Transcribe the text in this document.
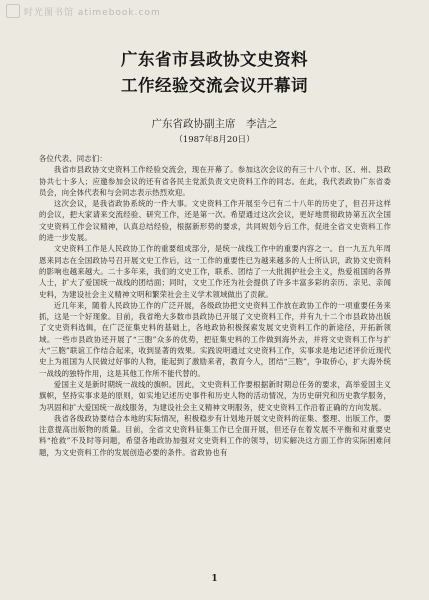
时光图书馆 atimebook.com
广东省市县政协文史资料
工作经验交流会议开幕词
广东省政协副主席　李洁之
（1987年8月20日）

各位代表、同志们：

我省市县政协文史资料工作经验交流会，现在开幕了。参加这次会议的有三十八个市、区、州、县政协共七十多人；应邀参加会议的还有省各民主党派负责文史资料工作的同志。在此，我代表政协广东省委员会，向全体代表和与会同志表示热烈欢迎。

这次会议，是我省政协系统的一件大事。文史资料工作开展至今已有二十八年的历史了，但召开这样的会议，把大家请来交流经验、研究工作，还是第一次。希望通过这次会议，更好地贯彻政协第五次全国文史资料工作会议精神，认真总结经验，根据新形势的要求，共同规划今后工作，促进全省文史资料工作的进一步发展。

文史资料工作是人民政协工作的重要组成部分，是统一战线工作中的重要内容之一。自一九五九年周恩来同志在全国政协号召开展文史工作后，这一工作的重要性已为越来越多的人士所认识，政协文史资料的影响也越来越大。二十多年来，我们的文史工作，联系、团结了一大批拥护社会主义，热爱祖国的各界人士，扩大了爱国统一战线的团结面；同时，文史工作还为社会提供了许多丰富多彩的亲历、亲见、亲闻史料，为建设社会主义精神文明和繁荣社会主义学术领域做出了贡献。

近几年来，随着人民政协工作的广泛开展，各级政协把文史资料工作放在政协工作的一项重要任务来抓，这是一个好现象。目前，我省绝大多数市县政协已开展了文史资料工作，并有九十二个市县政协出版了文史资料选辑，在广泛征集史料的基础上，各地政协积极探索发展文史资料工作的新途径，开拓新领域。一些市县政协还开展了“三胞”众多的优势，把征集史料的工作做到海外去，并将文史资料工作与扩大“三胞”联谊工作结合起来，收到显著的效果。实践说明通过文史资料工作，实事求是地记述评价近现代史上为祖国为人民做过好事的人物，能起到了激励来者，教育今人，团结“三胞”，争取侨心，扩大海外统一战线的独特作用，这是其他工作所不能代替的。

爱国主义是新时期统一战线的旗帜。因此，文史资料工作要根据新时期总任务的要求，高举爱国主义旗帜，坚持实事求是的原则，如实地记述历史事件和历史人物的活动情况，为历史研究和历史教学服务，为巩固和扩大爱国统一战线服务，为建设社会主义精神文明服务，使文史资料工作沿着正确的方向发展。

我省各级政协要结合本地的实际情况，积极稳步有计划地开展文史资料的征集、整理、出版工作，要注意提高出版物的质量。目前，全省文史资料征集工作已全面开展，但还存在着发展不平衡和对重要史料“抢救”不及时等问题，希望各地政协加强对文史资料工作的领导，切实解决这方面工作的实际困难问题，为文史资料工作的发展创造必要的条件。省政协也有

1
